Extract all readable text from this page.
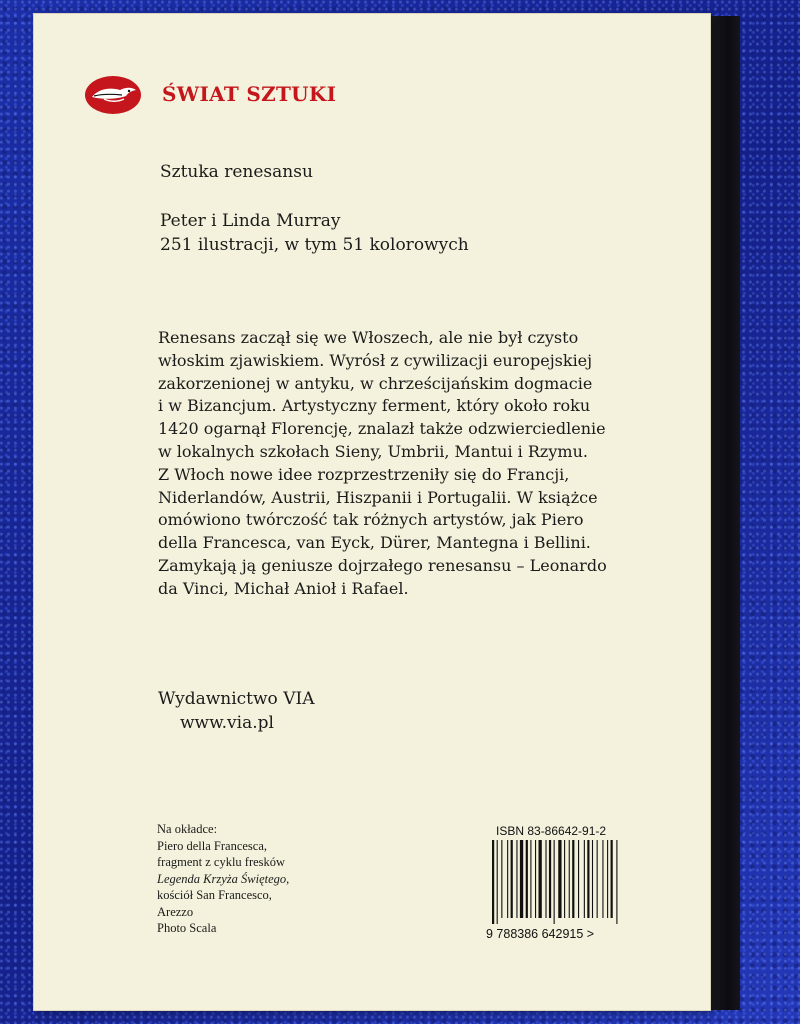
ŚWIAT SZTUKI
Sztuka renesansu
Peter i Linda Murray
251 ilustracji, w tym 51 kolorowych
Renesans zaczął się we Włoszech, ale nie był czysto
włoskim zjawiskiem. Wyrósł z cywilizacji europejskiej
zakorzenionej w antyku, w chrześcijańskim dogmacie
i w Bizancjum. Artystyczny ferment, który około roku
1420 ogarnął Florencję, znalazł także odzwierciedlenie
w lokalnych szkołach Sieny, Umbrii, Mantui i Rzymu.
Z Włoch nowe idee rozprzestrzeniły się do Francji,
Niderlandów, Austrii, Hiszpanii i Portugalii. W książce
omówiono twórczość tak różnych artystów, jak Piero
della Francesca, van Eyck, Dürer, Mantegna i Bellini.
Zamykają ją geniusze dojrzałego renesansu – Leonardo
da Vinci, Michał Anioł i Rafael.
Wydawnictwo VIA
www.via.pl
Na okładce:
Piero della Francesca,
fragment z cyklu fresków
Legenda Krzyża Świętego,
kościół San Francesco,
Arezzo
Photo Scala
ISBN 83-86642-91-2
9 788386 642915 >
